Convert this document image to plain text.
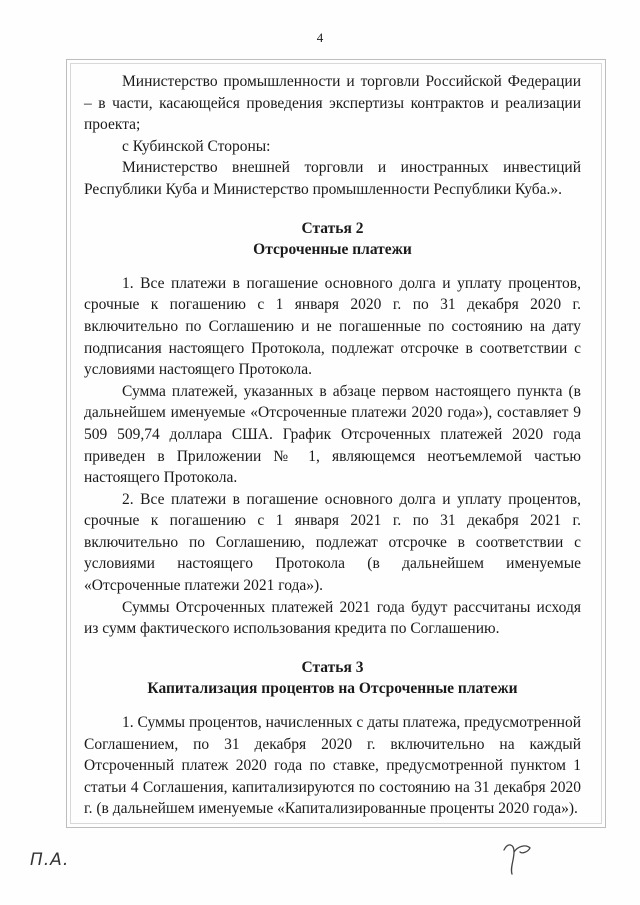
4

Министерство промышленности и торговли Российской Федерации – в части, касающейся проведения экспертизы контрактов и реализации проекта;

с Кубинской Стороны:

Министерство внешней торговли и иностранных инвестиций Республики Куба и Министерство промышленности Республики Куба.».

Статья 2

Отсроченные платежи

1. Все платежи в погашение основного долга и уплату процентов, срочные к погашению с 1 января 2020 г. по 31 декабря 2020 г. включительно по Соглашению и не погашенные по состоянию на дату подписания настоящего Протокола, подлежат отсрочке в соответствии с условиями настоящего Протокола.

Сумма платежей, указанных в абзаце первом настоящего пункта (в дальнейшем именуемые «Отсроченные платежи 2020 года»), составляет 9 509 509,74 доллара США. График Отсроченных платежей 2020 года приведен в Приложении № 1, являющемся неотъемлемой частью настоящего Протокола.

2. Все платежи в погашение основного долга и уплату процентов, срочные к погашению с 1 января 2021 г. по 31 декабря 2021 г. включительно по Соглашению, подлежат отсрочке в соответствии с условиями настоящего Протокола (в дальнейшем именуемые «Отсроченные платежи 2021 года»).

Суммы Отсроченных платежей 2021 года будут рассчитаны исходя из сумм фактического использования кредита по Соглашению.

Статья 3

Капитализация процентов на Отсроченные платежи

1. Суммы процентов, начисленных с даты платежа, предусмотренной Соглашением, по 31 декабря 2020 г. включительно на каждый Отсроченный платеж 2020 года по ставке, предусмотренной пунктом 1 статьи 4 Соглашения, капитализируются по состоянию на 31 декабря 2020 г. (в дальнейшем именуемые «Капитализированные проценты 2020 года»).

П.А.
